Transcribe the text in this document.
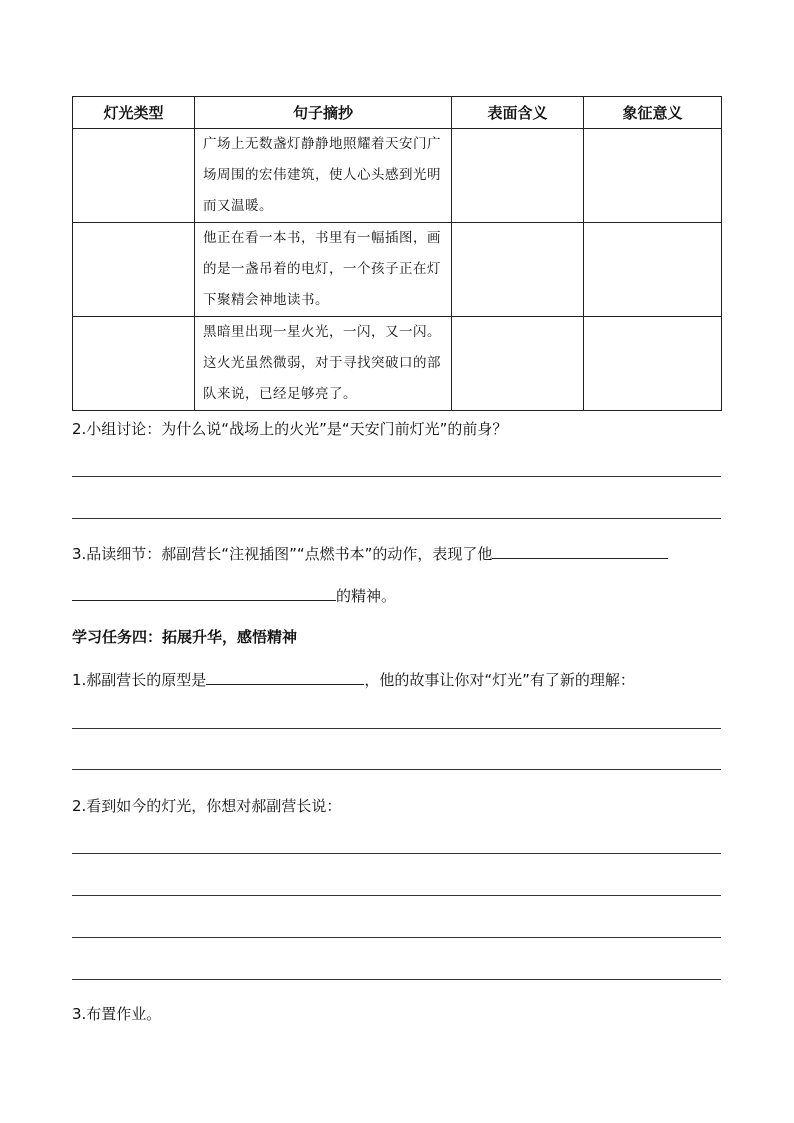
灯光类型	句子摘抄	表面含义	象征意义
	广场上无数盏灯静静地照耀着天安门广场周围的宏伟建筑，使人心头感到光明而又温暖。		
	他正在看一本书，书里有一幅插图，画的是一盏吊着的电灯，一个孩子正在灯下聚精会神地读书。		
	黑暗里出现一星火光，一闪，又一闪。这火光虽然微弱，对于寻找突破口的部队来说，已经足够亮了。		
2.小组讨论：为什么说“战场上的火光”是“天安门前灯光”的前身？
3.品读细节：郝副营长“注视插图”“点燃书本”的动作，表现了他
的精神。
学习任务四：拓展升华，感悟精神
1.郝副营长的原型是	，他的故事让你对“灯光”有了新的理解：
2.看到如今的灯光，你想对郝副营长说：
3.布置作业。
